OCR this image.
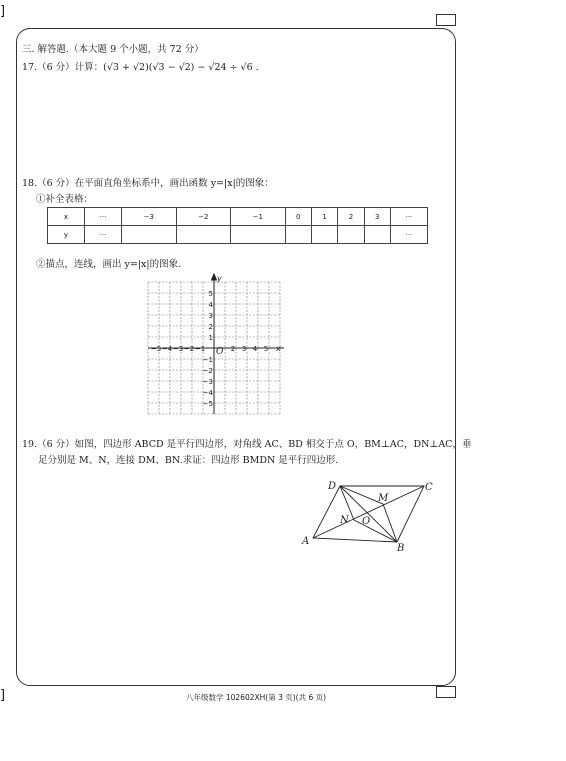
]
]
三. 解答题.（本大题 9 个小题，共 72 分）
17.（6 分）计算：(√3 + √2)(√3 − √2) − √24 ÷ √6 .
18.（6 分）在平面直角坐标系中，画出函数 y=|x|的图象：
①补全表格：
x	···	−3	−2	−1	0	1	2	3	···
y	···								···
②描点，连线，画出 y=|x|的图象.
−5 −4 −3 −2 −1	2 3 4 5
5
4
3
2
1
−1
−2
−3
−4
−5
O	x
y
19.（6 分）如图，四边形 ABCD 是平行四边形，对角线 AC、BD 相交于点 O，BM⊥AC，DN⊥AC，垂
足分别是 M、N，连接 DM、BN.求证：四边形 BMDN 是平行四边形.
A
B
C
D
M
N O
八年级数学 102602XH(第 3 页)(共 6 页)
